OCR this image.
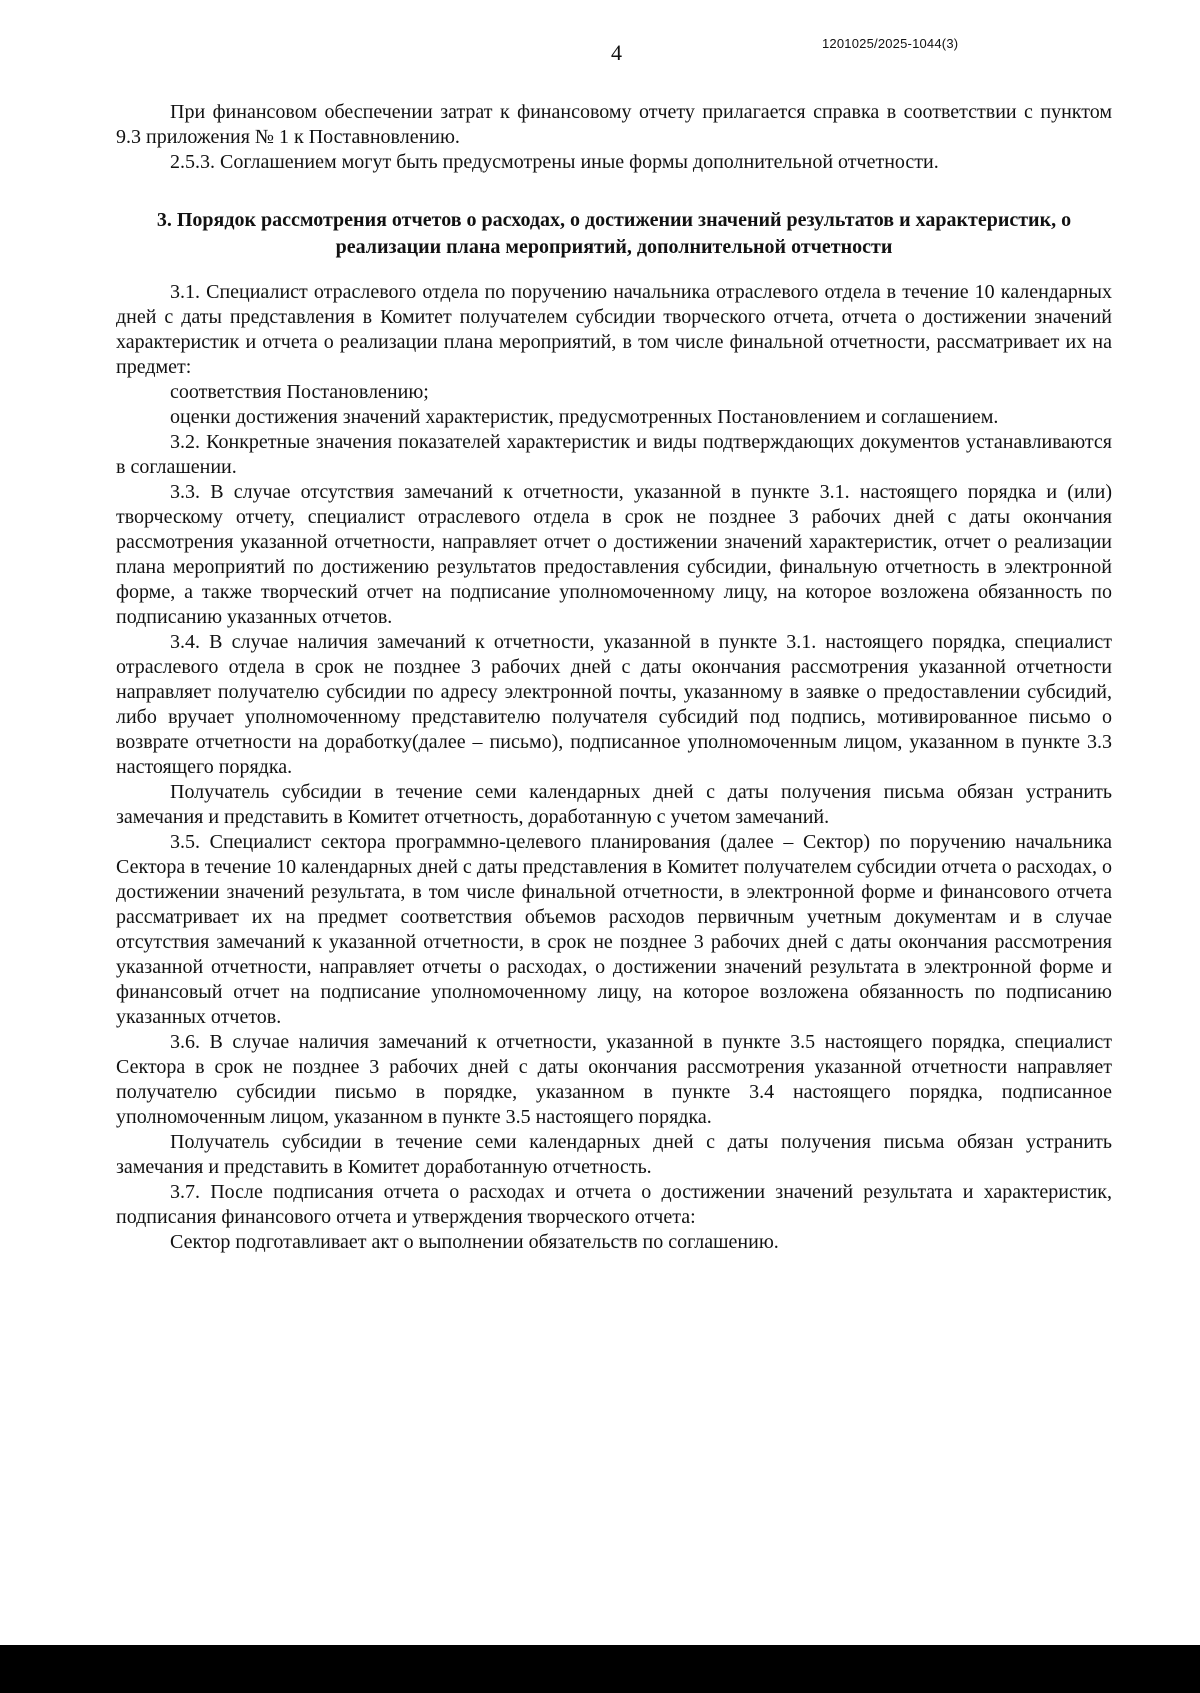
4	1201025/2025-1044(3)

При финансовом обеспечении затрат к финансовому отчету прилагается справка в соответствии с пунктом 9.3 приложения № 1 к Поставновлению.

2.5.3. Соглашением могут быть предусмотрены иные формы дополнительной отчетности.

3. Порядок рассмотрения отчетов о расходах, о достижении значений результатов и характеристик, о реализации плана мероприятий, дополнительной отчетности

3.1. Специалист отраслевого отдела по поручению начальника отраслевого отдела в течение 10 календарных дней с даты представления в Комитет получателем субсидии творческого отчета, отчета о достижении значений характеристик и отчета о реализации плана мероприятий, в том числе финальной отчетности, рассматривает их на предмет:

соответствия Постановлению;

оценки достижения значений характеристик, предусмотренных Постановлением и соглашением.

3.2. Конкретные значения показателей характеристик и виды подтверждающих документов устанавливаются в соглашении.

3.3. В случае отсутствия замечаний к отчетности, указанной в пункте 3.1. настоящего порядка и (или) творческому отчету, специалист отраслевого отдела в срок не позднее 3 рабочих дней с даты окончания рассмотрения указанной отчетности, направляет отчет о достижении значений характеристик, отчет о реализации плана мероприятий по достижению результатов предоставления субсидии, финальную отчетность в электронной форме, а также творческий отчет на подписание уполномоченному лицу, на которое возложена обязанность по подписанию указанных отчетов.

3.4. В случае наличия замечаний к отчетности, указанной в пункте 3.1. настоящего порядка, специалист отраслевого отдела в срок не позднее 3 рабочих дней с даты окончания рассмотрения указанной отчетности направляет получателю субсидии по адресу электронной почты, указанному в заявке о предоставлении субсидий, либо вручает уполномоченному представителю получателя субсидий под подпись, мотивированное письмо о возврате отчетности на доработку(далее – письмо), подписанное уполномоченным лицом, указанном в пункте 3.3 настоящего порядка.

Получатель субсидии в течение семи календарных дней с даты получения письма обязан устранить замечания и представить в Комитет отчетность, доработанную с учетом замечаний.

3.5. Специалист сектора программно-целевого планирования (далее – Сектор) по поручению начальника Сектора в течение 10 календарных дней с даты представления в Комитет получателем субсидии отчета о расходах, о достижении значений результата, в том числе финальной отчетности, в электронной форме и финансового отчета рассматривает их на предмет соответствия объемов расходов первичным учетным документам и в случае отсутствия замечаний к указанной отчетности, в срок не позднее 3 рабочих дней с даты окончания рассмотрения указанной отчетности, направляет отчеты о расходах, о достижении значений результата в электронной форме и финансовый отчет на подписание уполномоченному лицу, на которое возложена обязанность по подписанию указанных отчетов.

3.6. В случае наличия замечаний к отчетности, указанной в пункте 3.5 настоящего порядка, специалист Сектора в срок не позднее 3 рабочих дней с даты окончания рассмотрения указанной отчетности направляет получателю субсидии письмо в порядке, указанном в пункте 3.4 настоящего порядка, подписанное уполномоченным лицом, указанном в пункте 3.5 настоящего порядка.

Получатель субсидии в течение семи календарных дней с даты получения письма обязан устранить замечания и представить в Комитет доработанную отчетность.

3.7. После подписания отчета о расходах и отчета о достижении значений результата и характеристик, подписания финансового отчета и утверждения творческого отчета:

Сектор подготавливает акт о выполнении обязательств по соглашению.
